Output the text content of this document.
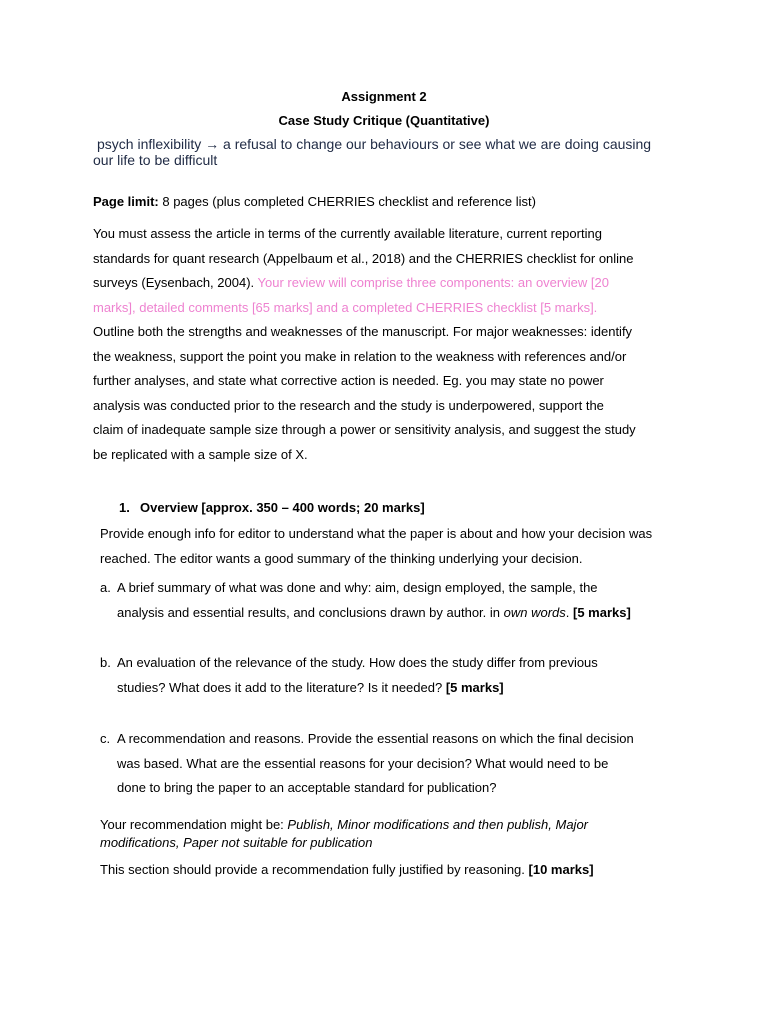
Assignment 2
Case Study Critique (Quantitative)
psych inflexibility → a refusal to change our behaviours or see what we are doing causing
our life to be difficult
Page limit: 8 pages (plus completed CHERRIES checklist and reference list)
You must assess the article in terms of the currently available literature, current reporting
standards for quant research (Appelbaum et al., 2018) and the CHERRIES checklist for online
surveys (Eysenbach, 2004). Your review will comprise three components: an overview [20
marks], detailed comments [65 marks] and a completed CHERRIES checklist [5 marks].
Outline both the strengths and weaknesses of the manuscript. For major weaknesses: identify
the weakness, support the point you make in relation to the weakness with references and/or
further analyses, and state what corrective action is needed. Eg. you may state no power
analysis was conducted prior to the research and the study is underpowered, support the
claim of inadequate sample size through a power or sensitivity analysis, and suggest the study
be replicated with a sample size of X.
1. Overview [approx. 350 – 400 words; 20 marks]
Provide enough info for editor to understand what the paper is about and how your decision was
reached. The editor wants a good summary of the thinking underlying your decision.
a. A brief summary of what was done and why: aim, design employed, the sample, the
analysis and essential results, and conclusions drawn by author. in own words. [5 marks]
b. An evaluation of the relevance of the study. How does the study differ from previous
studies? What does it add to the literature? Is it needed? [5 marks]
c. A recommendation and reasons. Provide the essential reasons on which the final decision
was based. What are the essential reasons for your decision? What would need to be
done to bring the paper to an acceptable standard for publication?
Your recommendation might be: Publish, Minor modifications and then publish, Major
modifications, Paper not suitable for publication
This section should provide a recommendation fully justified by reasoning. [10 marks]
